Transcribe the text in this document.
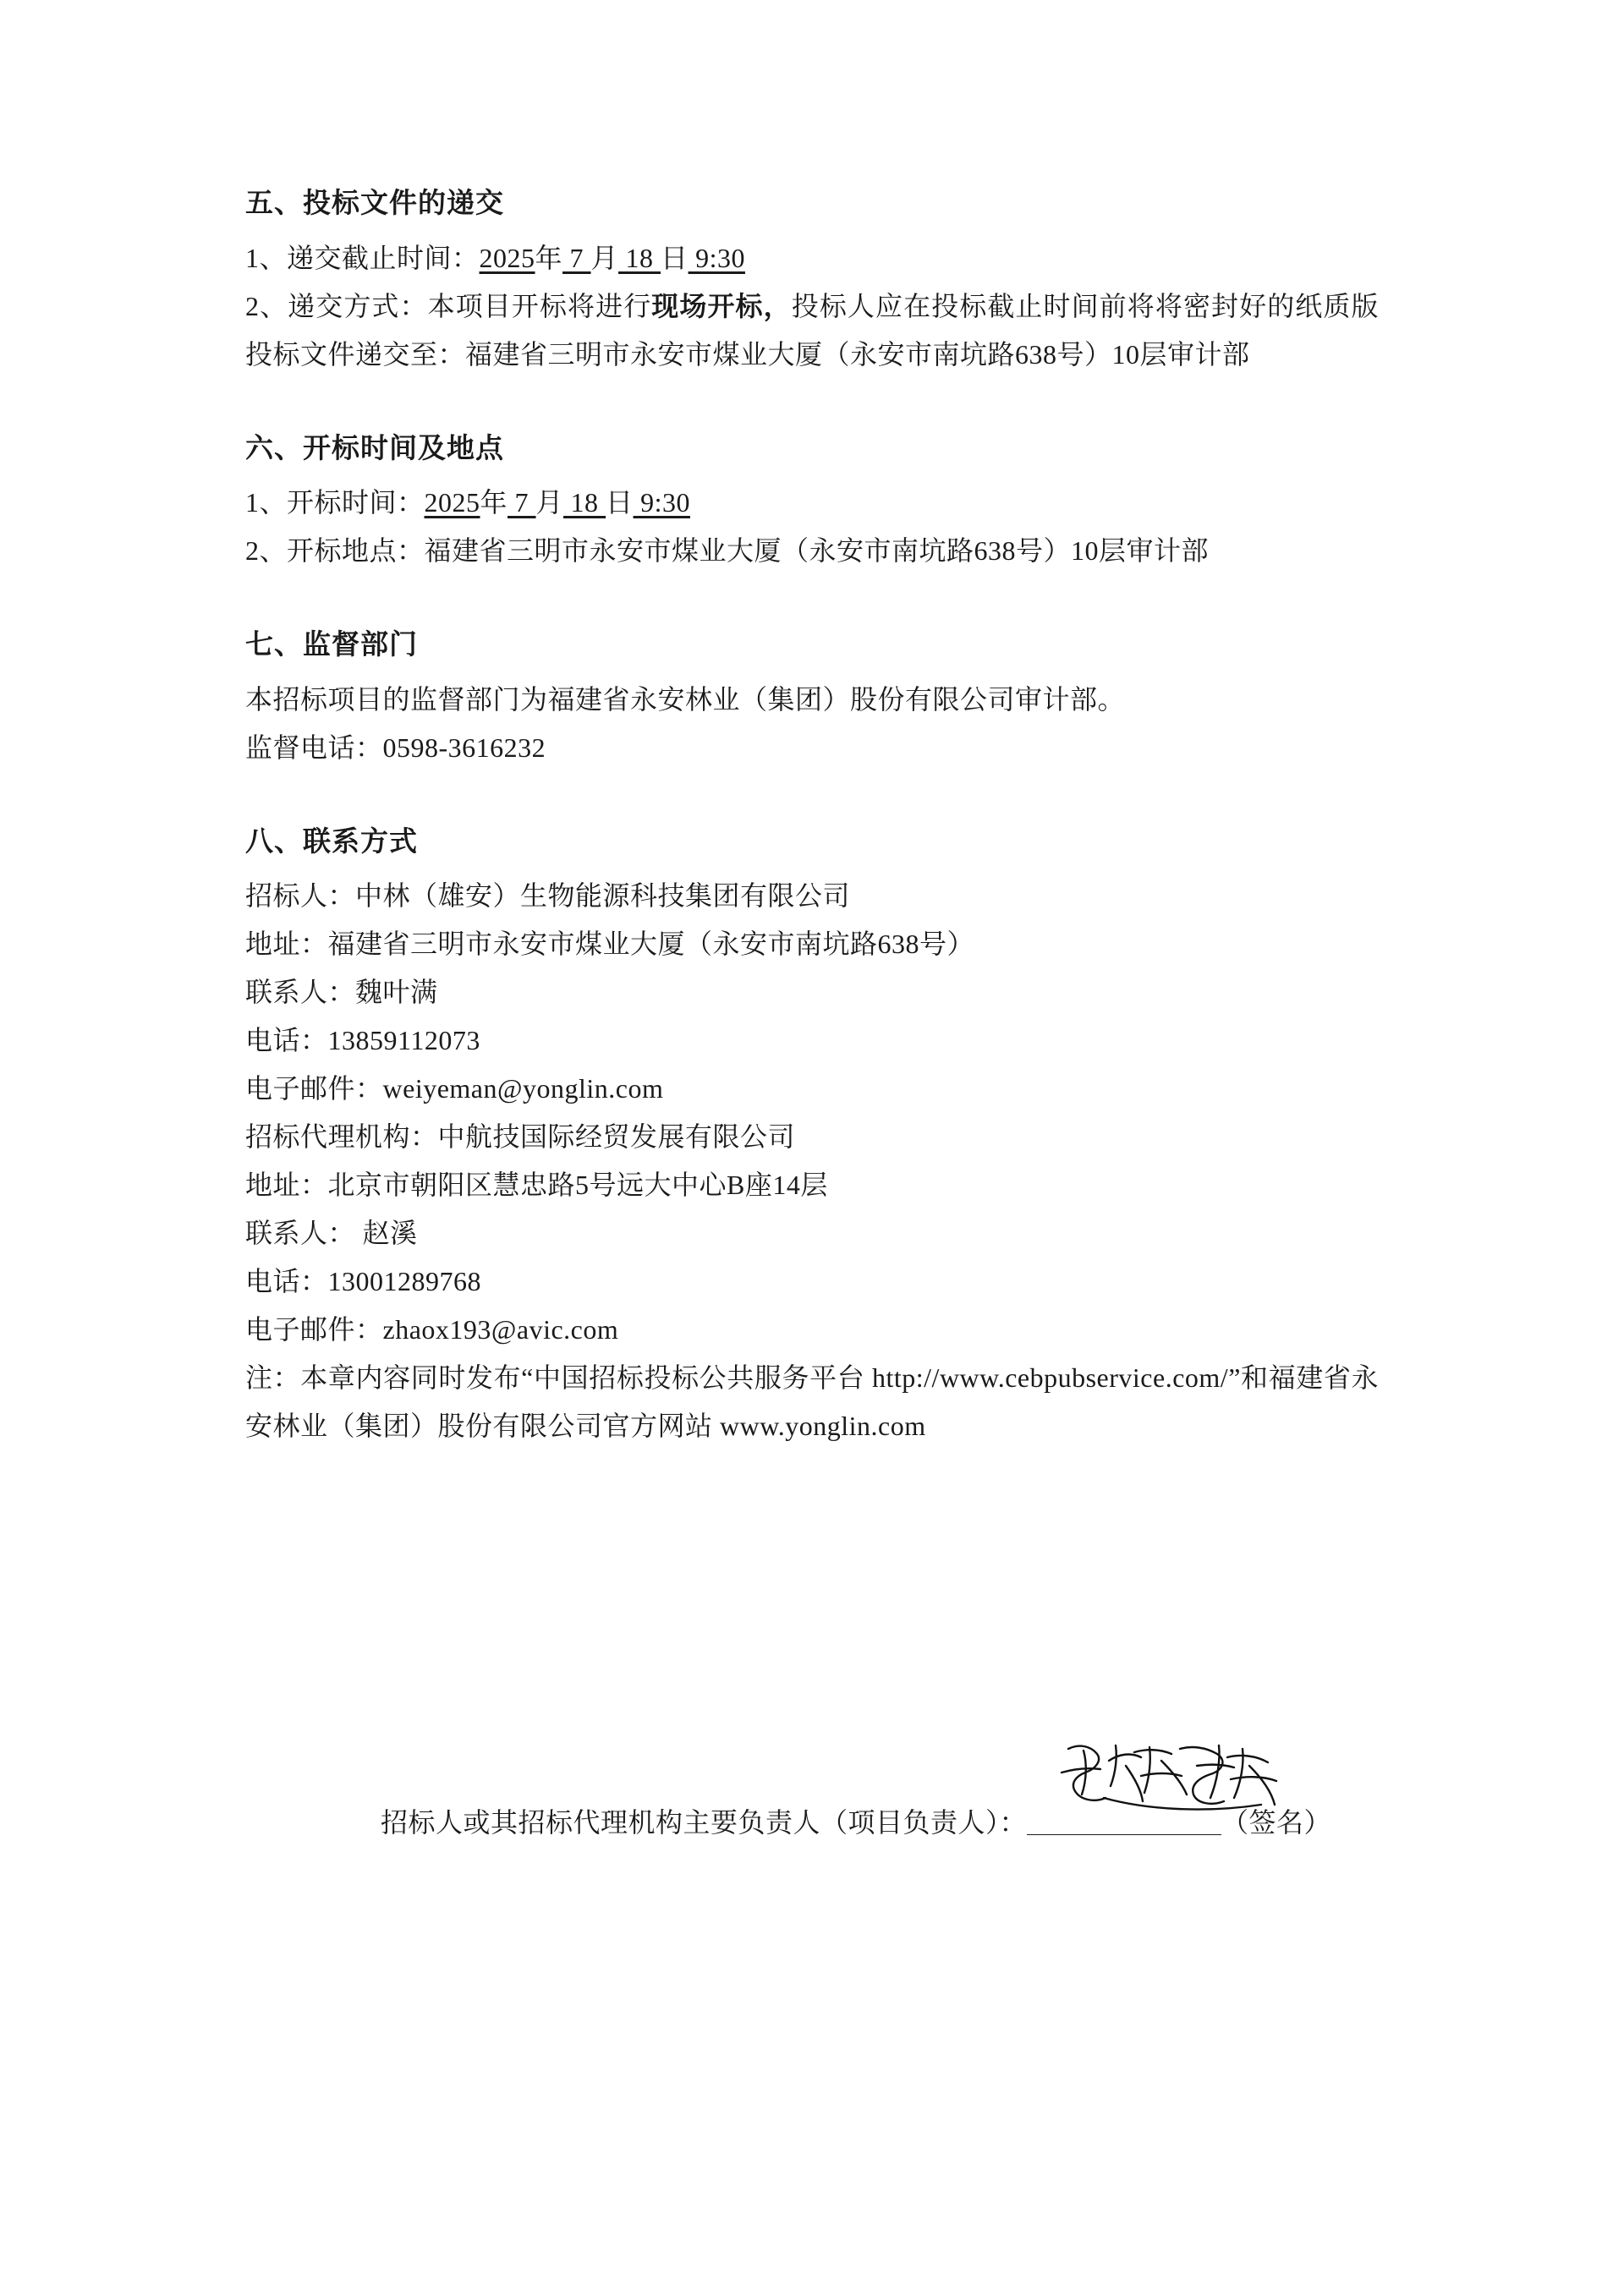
五、投标文件的递交

1、递交截止时间：2025年 7 月 18 日 9:30

2、递交方式：本项目开标将进行现场开标，投标人应在投标截止时间前将将密封好的纸质版投标文件递交至：福建省三明市永安市煤业大厦（永安市南坑路638号）10层审计部

六、开标时间及地点

1、开标时间：2025年 7 月 18 日 9:30

2、开标地点：福建省三明市永安市煤业大厦（永安市南坑路638号）10层审计部

七、监督部门

本招标项目的监督部门为福建省永安林业（集团）股份有限公司审计部。

监督电话：0598-3616232

八、联系方式

招标人：中林（雄安）生物能源科技集团有限公司

地址：福建省三明市永安市煤业大厦（永安市南坑路638号）

联系人：魏叶满

电话：13859112073

电子邮件：weiyeman@yonglin.com

招标代理机构：中航技国际经贸发展有限公司

地址：北京市朝阳区慧忠路5号远大中心B座14层

联系人： 赵溪

电话：13001289768

电子邮件：zhaox193@avic.com

注：本章内容同时发布“中国招标投标公共服务平台 http://www.cebpubservice.com/”和福建省永安林业（集团）股份有限公司官方网站 www.yonglin.com

招标人或其招标代理机构主要负责人（项目负责人）：	（签名）
